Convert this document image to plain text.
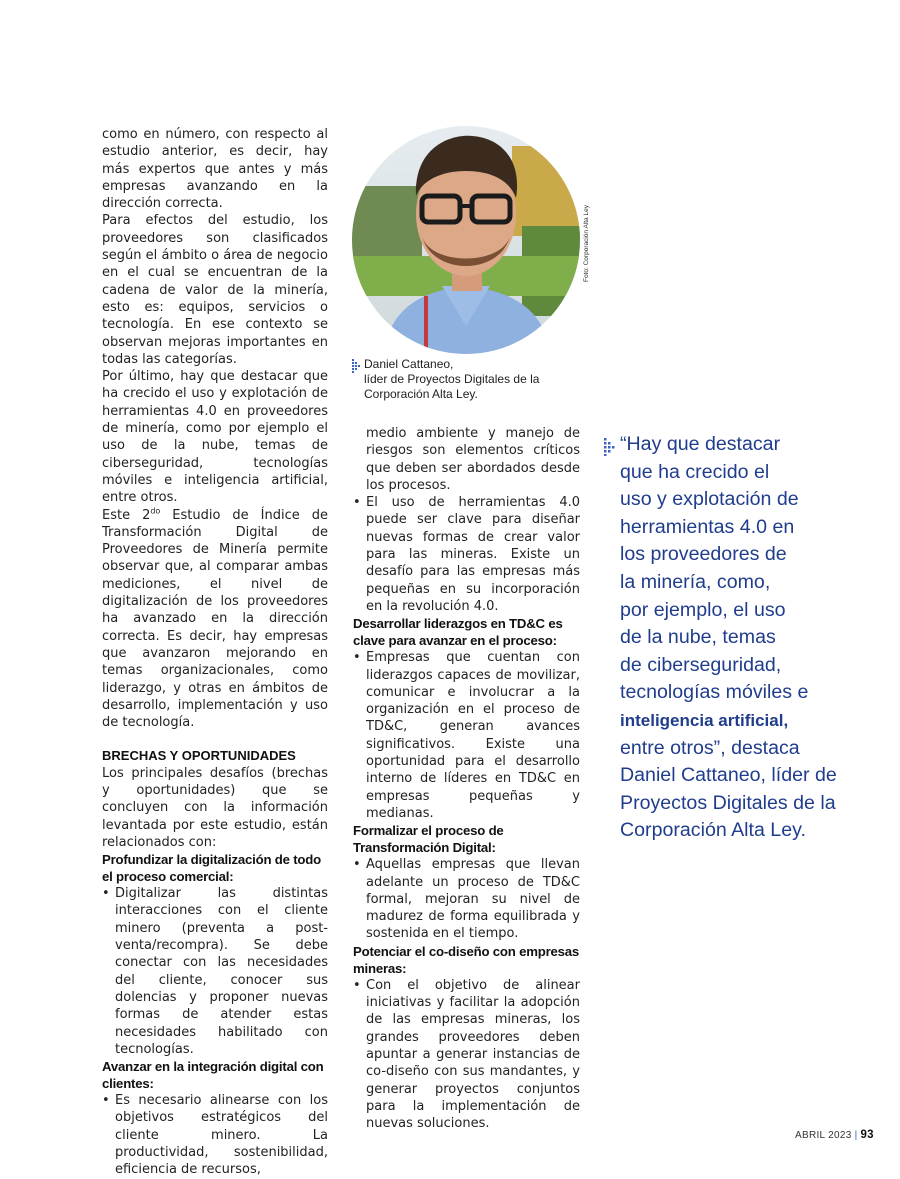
como en número, con respecto al estudio anterior, es decir, hay más expertos que antes y más empresas avanzando en la dirección correcta.

Para efectos del estudio, los proveedores son clasificados según el ámbito o área de negocio en el cual se encuentran de la cadena de valor de la minería, esto es: equipos, servicios o tecnología. En ese contexto se observan mejoras importantes en todas las categorías.

Por último, hay que destacar que ha crecido el uso y explotación de herramientas 4.0 en proveedores de minería, como por ejemplo el uso de la nube, temas de ciberseguridad, tecnologías móviles e inteligencia artificial, entre otros.

Este $2^{do}$ Estudio de Índice de Transformación Digital de Proveedores de Minería permite observar que, al comparar ambas mediciones, el nivel de digitalización de los proveedores ha avanzado en la dirección correcta. Es decir, hay empresas que avanzaron mejorando en temas organizacionales, como liderazgo, y otras en ámbitos de desarrollo, implementación y uso de tecnología.

BRECHAS Y OPORTUNIDADES

Los principales desafíos (brechas y oportunidades) que se concluyen con la información levantada por este estudio, están relacionados con:

Profundizar la digitalización de todo el proceso comercial:

• Digitalizar las distintas interacciones con el cliente minero (preventa a post-venta/recompra). Se debe conectar con las necesidades del cliente, conocer sus dolencias y proponer nuevas formas de atender estas necesidades habilitado con tecnologías.

Avanzar en la integración digital con clientes:

• Es necesario alinearse con los objetivos estratégicos del cliente minero. La productividad, sostenibilidad, eficiencia de recursos,

Foto: Corporación Alta Ley
Daniel Cattaneo,
líder de Proyectos Digitales de la Corporación Alta Ley.

medio ambiente y manejo de riesgos son elementos críticos que deben ser abordados desde los procesos.

• El uso de herramientas 4.0 puede ser clave para diseñar nuevas formas de crear valor para las mineras. Existe un desafío para las empresas más pequeñas en su incorporación en la revolución 4.0.

Desarrollar liderazgos en TD&C es clave para avanzar en el proceso:

• Empresas que cuentan con liderazgos capaces de movilizar, comunicar e involucrar a la organización en el proceso de TD&C, generan avances significativos. Existe una oportunidad para el desarrollo interno de líderes en TD&C en empresas pequeñas y medianas.

Formalizar el proceso de Transformación Digital:

• Aquellas empresas que llevan adelante un proceso de TD&C formal, mejoran su nivel de madurez de forma equilibrada y sostenida en el tiempo.

Potenciar el co-diseño con empresas mineras:

• Con el objetivo de alinear iniciativas y facilitar la adopción de las empresas mineras, los grandes proveedores deben apuntar a generar instancias de co-diseño con sus mandantes, y generar proyectos conjuntos para la implementación de nuevas soluciones.

“Hay que destacar
que ha crecido el
uso y explotación de
herramientas 4.0 en
los proveedores de
la minería, como,
por ejemplo, el uso
de la nube, temas
de ciberseguridad,
tecnologías móviles e
inteligencia artificial,
entre otros”, destaca
Daniel Cattaneo, líder de
Proyectos Digitales de la
Corporación Alta Ley.
ABRIL 2023 | 93
